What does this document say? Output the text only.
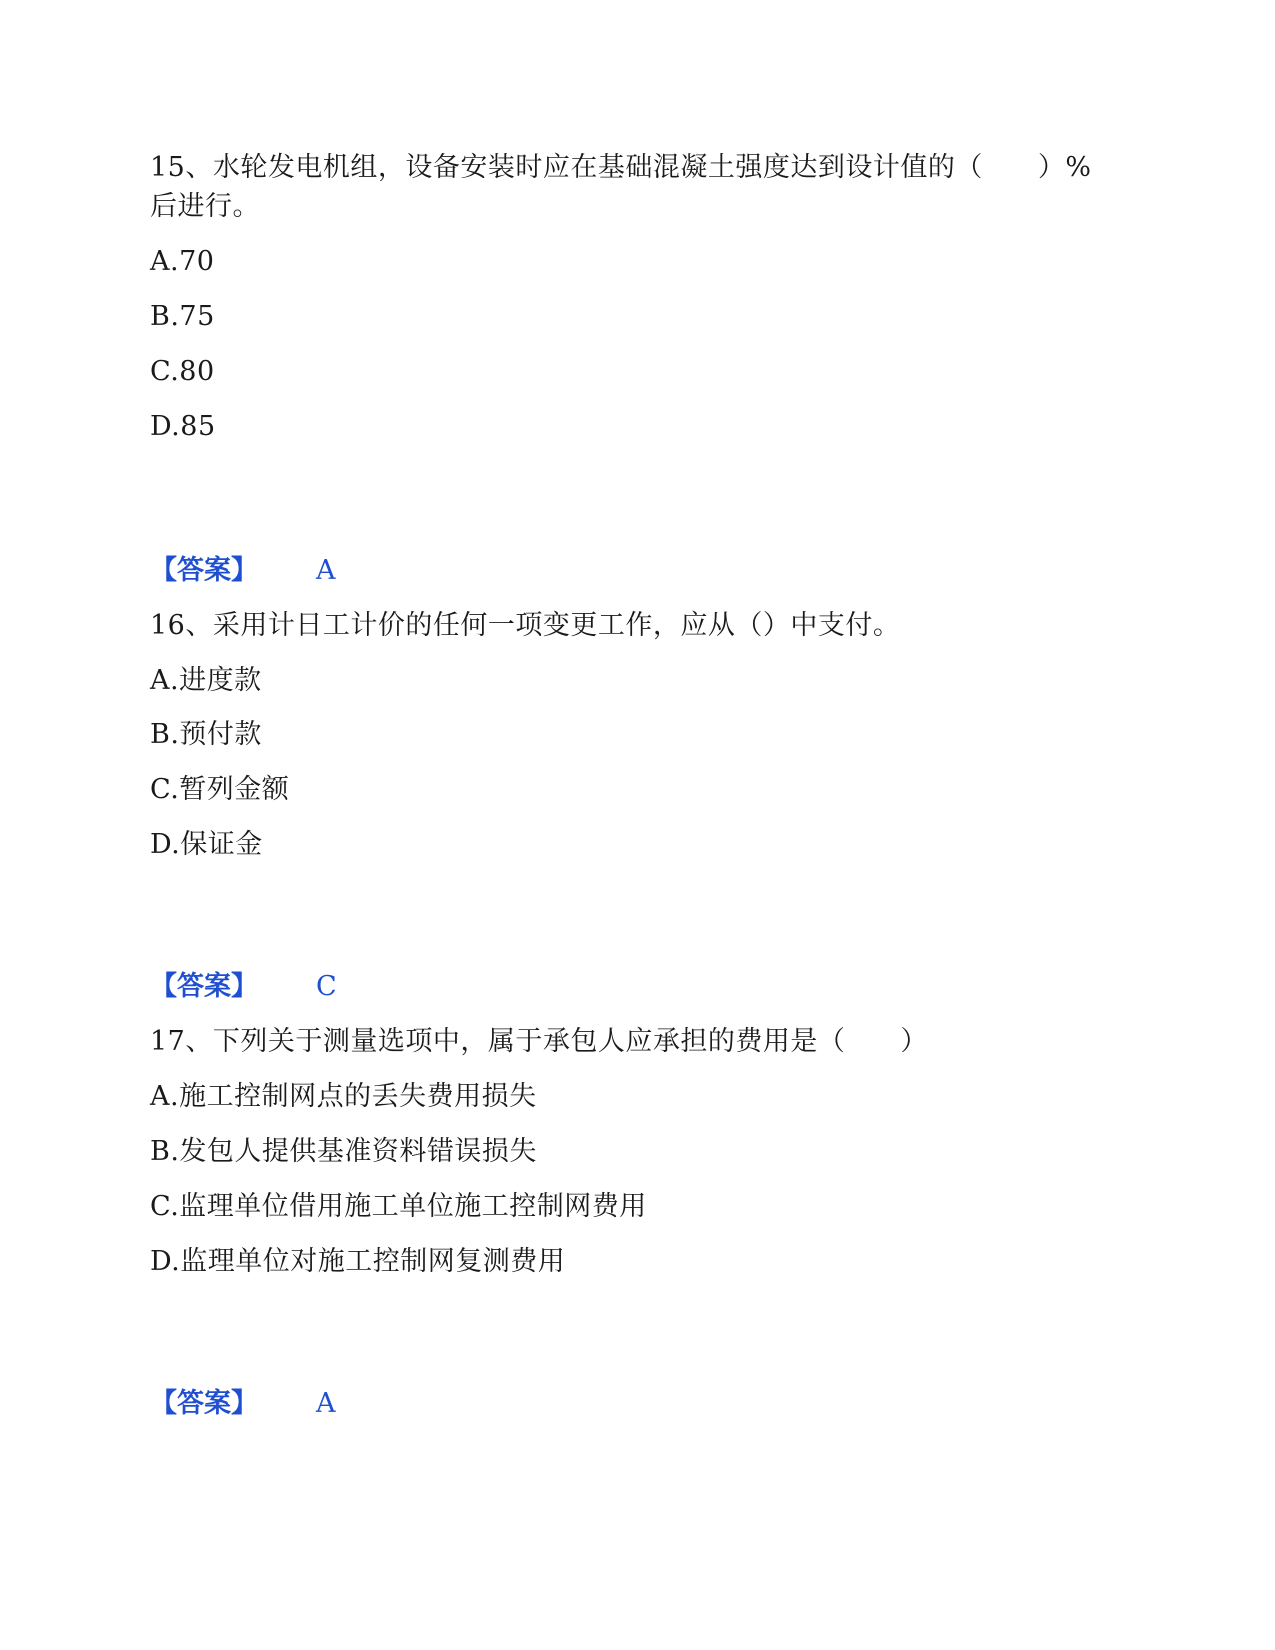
15、水轮发电机组，设备安装时应在基础混凝土强度达到设计值的（　　）%
后进行。
A.70
B.75
C.80
D.85
【答案】 A
16、采用计日工计价的任何一项变更工作，应从（）中支付。
A.进度款
B.预付款
C.暂列金额
D.保证金
【答案】 C
17、下列关于测量选项中，属于承包人应承担的费用是（　　）
A.施工控制网点的丢失费用损失
B.发包人提供基准资料错误损失
C.监理单位借用施工单位施工控制网费用
D.监理单位对施工控制网复测费用
【答案】 A
